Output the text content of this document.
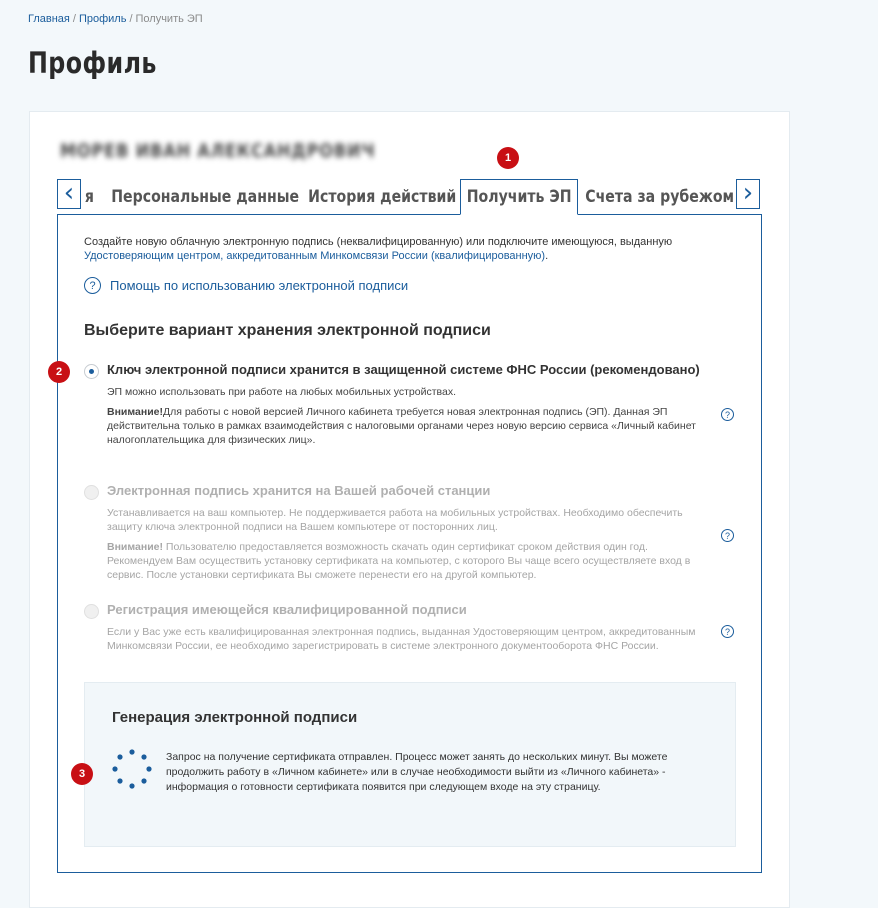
Главная / Профиль / Получить ЭП
Профиль
МОРЕВ ИВАН АЛЕКСАНДРОВИЧ	1
2
3
‹ я Персональные данные История действий Получить ЭП Счета за рубежом ›
Создайте новую облачную электронную подпись (неквалифицированную) или подключите имеющуюся, выданную Удостоверяющим центром, аккредитованным Минкомсвязи России (квалифицированную).
?	Помощь по использованию электронной подписи
Выберите вариант хранения электронной подписи
Ключ электронной подписи хранится в защищенной системе ФНС России (рекомендовано)
ЭП можно использовать при работе на любых мобильных устройствах.
Внимание!Для работы с новой версией Личного кабинета требуется новая электронная подпись (ЭП). Данная ЭП действительна только в рамках взаимодействия с налоговыми органами через новую версию сервиса «Личный кабинет налогоплательщика для физических лиц».
?
Электронная подпись хранится на Вашей рабочей станции
Устанавливается на ваш компьютер. Не поддерживается работа на мобильных устройствах. Необходимо обеспечить защиту ключа электронной подписи на Вашем компьютере от посторонних лиц.
Внимание! Пользователю предоставляется возможность скачать один сертификат сроком действия один год. Рекомендуем Вам осуществить установку сертификата на компьютер, с которого Вы чаще всего осуществляете вход в сервис. После установки сертификата Вы сможете перенести его на другой компьютер.
?
Регистрация имеющейся квалифицированной подписи
Если у Вас уже есть квалифицированная электронная подпись, выданная Удостоверяющим центром, аккредитованным Минкомсвязи России, ее необходимо зарегистрировать в системе электронного документооборота ФНС России.
?
Генерация электронной подписи
Запрос на получение сертификата отправлен. Процесс может занять до нескольких минут. Вы можете продолжить работу в «Личном кабинете» или в случае необходимости выйти из «Личного кабинета» - информация о готовности сертификата появится при следующем входе на эту страницу.
